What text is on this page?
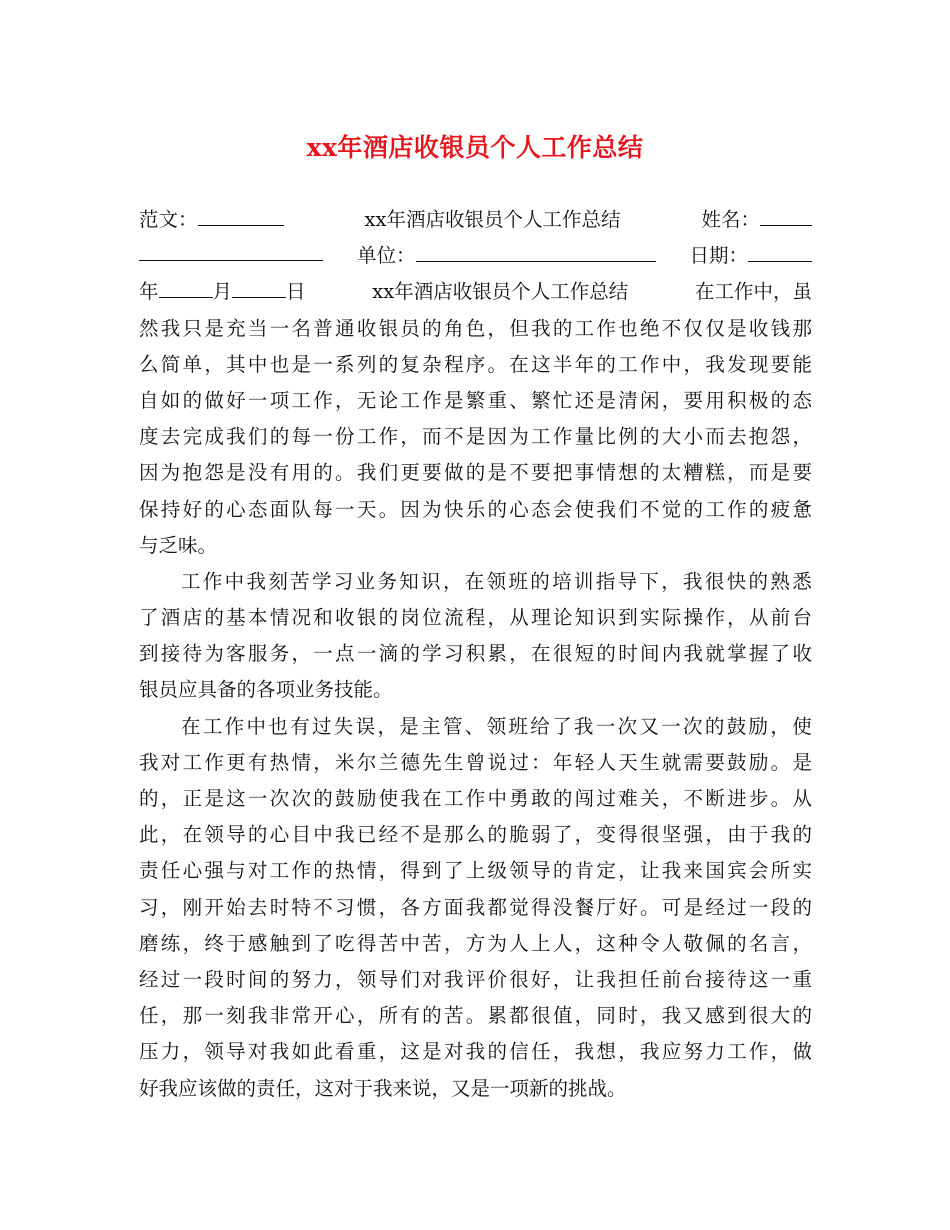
xx年酒店收银员个人工作总结
范文：	xx年酒店收银员个人工作总结	姓名：
单位：	日期：
年	月	日	xx年酒店收银员个人工作总结	在工作中，虽
然 我 只 是 充 当 一 名 普 通 收 银 员 的 角 色 ， 但 我 的 工 作 也 绝 不 仅 仅 是 收 钱 那
么 简 单 ， 其 中 也 是 一 系 列 的 复 杂 程 序 。 在 这 半 年 的 工 作 中 ， 我 发 现 要 能
自 如 的 做 好 一 项 工 作 ， 无 论 工 作 是 繁 重 、 繁 忙 还 是 清 闲 ， 要 用 积 极 的 态
度 去 完 成 我 们 的 每 一 份 工 作 ， 而 不 是 因 为 工 作 量 比 例 的 大 小 而 去 抱 怨 ，
因 为 抱 怨 是 没 有 用 的 。 我 们 更 要 做 的 是 不 要 把 事 情 想 的 太 糟 糕 ， 而 是 要
保 持 好 的 心 态 面 队 每 一 天 。 因 为 快 乐 的 心 态 会 使 我 们 不 觉 的 工 作 的 疲 惫
与乏味。
工 作 中 我 刻 苦 学 习 业 务 知 识 ， 在 领 班 的 培 训 指 导 下 ， 我 很 快 的 熟 悉
了 酒 店 的 基 本 情 况 和 收 银 的 岗 位 流 程 ， 从 理 论 知 识 到 实 际 操 作 ， 从 前 台
到 接 待 为 客 服 务 ， 一 点 一 滴 的 学 习 积 累 ， 在 很 短 的 时 间 内 我 就 掌 握 了 收
银员应具备的各项业务技能。
在 工 作 中 也 有 过 失 误 ， 是 主 管 、 领 班 给 了 我 一 次 又 一 次 的 鼓 励 ， 使
我 对 工 作 更 有 热 情 ， 米 尔 兰 德 先 生 曾 说 过 ： 年 轻 人 天 生 就 需 要 鼓 励 。 是
的 ， 正 是 这 一 次 次 的 鼓 励 使 我 在 工 作 中 勇 敢 的 闯 过 难 关 ， 不 断 进 步 。 从
此 ， 在 领 导 的 心 目 中 我 已 经 不 是 那 么 的 脆 弱 了 ， 变 得 很 坚 强 ， 由 于 我 的
责 任 心 强 与 对 工 作 的 热 情 ， 得 到 了 上 级 领 导 的 肯 定 ， 让 我 来 国 宾 会 所 实
习 ， 刚 开 始 去 时 特 不 习 惯 ， 各 方 面 我 都 觉 得 没 餐 厅 好 。 可 是 经 过 一 段 的
磨 练 ， 终 于 感 触 到 了 吃 得 苦 中 苦 ， 方 为 人 上 人 ， 这 种 令 人 敬 佩 的 名 言 ，
经 过 一 段 时 间 的 努 力 ， 领 导 们 对 我 评 价 很 好 ， 让 我 担 任 前 台 接 待 这 一 重
任 ， 那 一 刻 我 非 常 开 心 ， 所 有 的 苦 。 累 都 很 值 ， 同 时 ， 我 又 感 到 很 大 的
压 力 ， 领 导 对 我 如 此 看 重 ， 这 是 对 我 的 信 任 ， 我 想 ， 我 应 努 力 工 作 ， 做
好我应该做的责任，这对于我来说，又是一项新的挑战。
